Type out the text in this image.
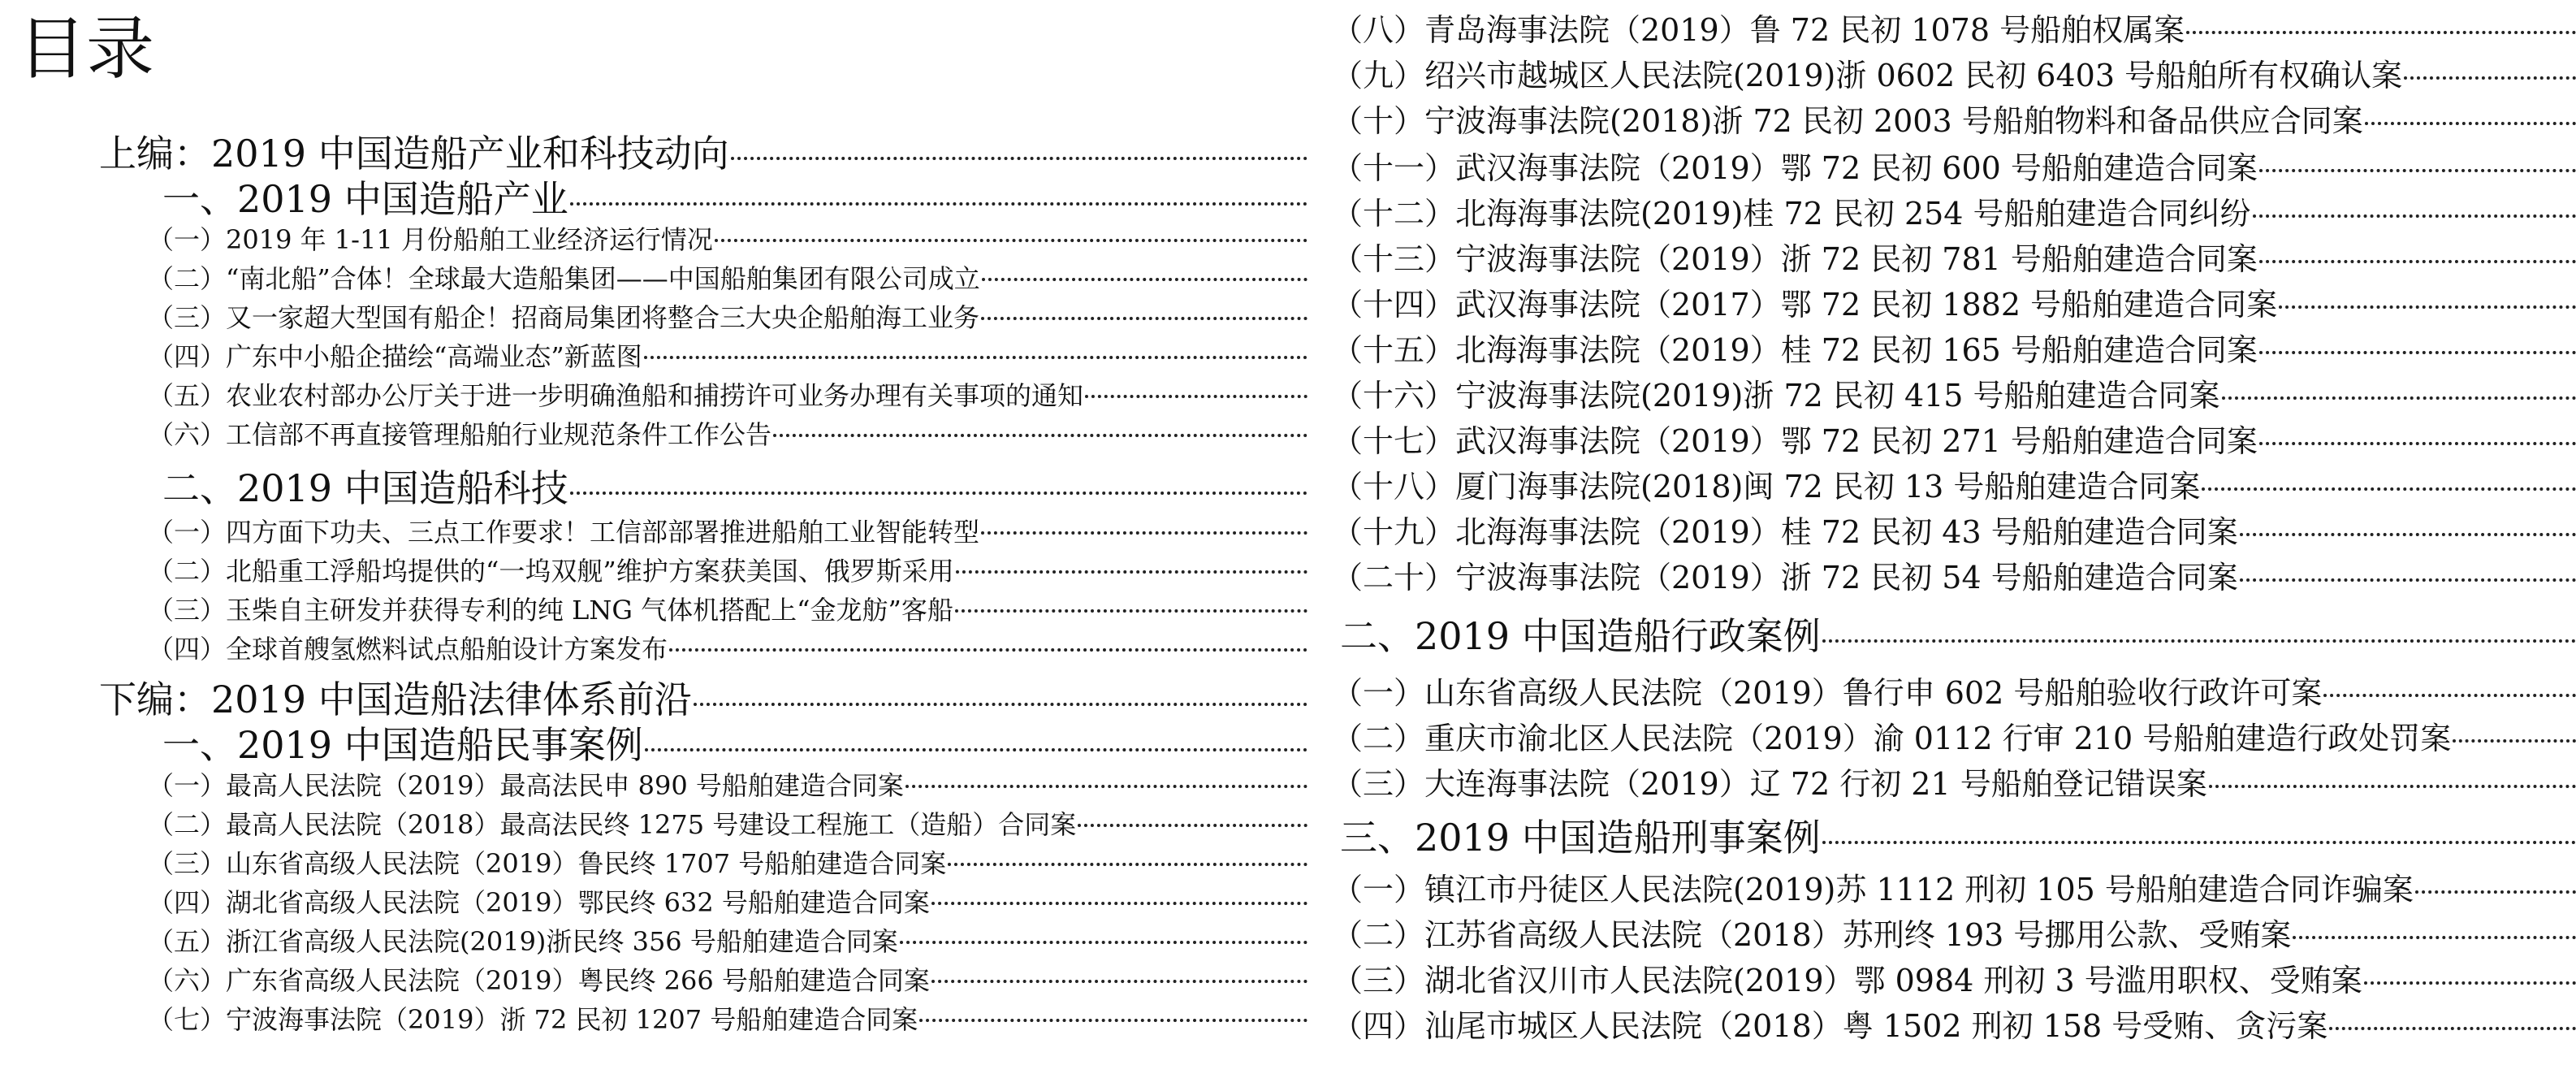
目录
上编：2019 中国造船产业和科技动向
一、2019 中国造船产业
（一）2019 年 1-11 月份船舶工业经济运行情况
（二）“南北船”合体！全球最大造船集团——中国船舶集团有限公司成立
（三）又一家超大型国有船企！招商局集团将整合三大央企船舶海工业务
（四）广东中小船企描绘“高端业态”新蓝图
（五）农业农村部办公厅关于进一步明确渔船和捕捞许可业务办理有关事项的通知
（六）工信部不再直接管理船舶行业规范条件工作公告
二、2019 中国造船科技
（一）四方面下功夫、三点工作要求！工信部部署推进船舶工业智能转型
（二）北船重工浮船坞提供的“一坞双舰”维护方案获美国、俄罗斯采用
（三）玉柴自主研发并获得专利的纯 LNG 气体机搭配上“金龙舫”客船
（四）全球首艘氢燃料试点船舶设计方案发布
下编：2019 中国造船法律体系前沿
一、2019 中国造船民事案例
（一）最高人民法院（2019）最高法民申 890 号船舶建造合同案
（二）最高人民法院（2018）最高法民终 1275 号建设工程施工（造船）合同案
（三）山东省高级人民法院（2019）鲁民终 1707 号船舶建造合同案
（四）湖北省高级人民法院（2019）鄂民终 632 号船舶建造合同案
（五）浙江省高级人民法院(2019)浙民终 356 号船舶建造合同案
（六）广东省高级人民法院（2019）粤民终 266 号船舶建造合同案
（七）宁波海事法院（2019）浙 72 民初 1207 号船舶建造合同案
（八）青岛海事法院（2019）鲁 72 民初 1078 号船舶权属案
（九）绍兴市越城区人民法院(2019)浙 0602 民初 6403 号船舶所有权确认案
（十）宁波海事法院(2018)浙 72 民初 2003 号船舶物料和备品供应合同案
（十一）武汉海事法院（2019）鄂 72 民初 600 号船舶建造合同案
（十二）北海海事法院(2019)桂 72 民初 254 号船舶建造合同纠纷
（十三）宁波海事法院（2019）浙 72 民初 781 号船舶建造合同案
（十四）武汉海事法院（2017）鄂 72 民初 1882 号船舶建造合同案
（十五）北海海事法院（2019）桂 72 民初 165 号船舶建造合同案
（十六）宁波海事法院(2019)浙 72 民初 415 号船舶建造合同案
（十七）武汉海事法院（2019）鄂 72 民初 271 号船舶建造合同案
（十八）厦门海事法院(2018)闽 72 民初 13 号船舶建造合同案
（十九）北海海事法院（2019）桂 72 民初 43 号船舶建造合同案
（二十）宁波海事法院（2019）浙 72 民初 54 号船舶建造合同案
二、2019 中国造船行政案例
（一）山东省高级人民法院（2019）鲁行申 602 号船舶验收行政许可案
（二）重庆市渝北区人民法院（2019）渝 0112 行审 210 号船舶建造行政处罚案
（三）大连海事法院（2019）辽 72 行初 21 号船舶登记错误案
三、2019 中国造船刑事案例
（一）镇江市丹徒区人民法院(2019)苏 1112 刑初 105 号船舶建造合同诈骗案
（二）江苏省高级人民法院（2018）苏刑终 193 号挪用公款、受贿案
（三）湖北省汉川市人民法院(2019）鄂 0984 刑初 3 号滥用职权、受贿案
（四）汕尾市城区人民法院（2018）粤 1502 刑初 158 号受贿、贪污案
